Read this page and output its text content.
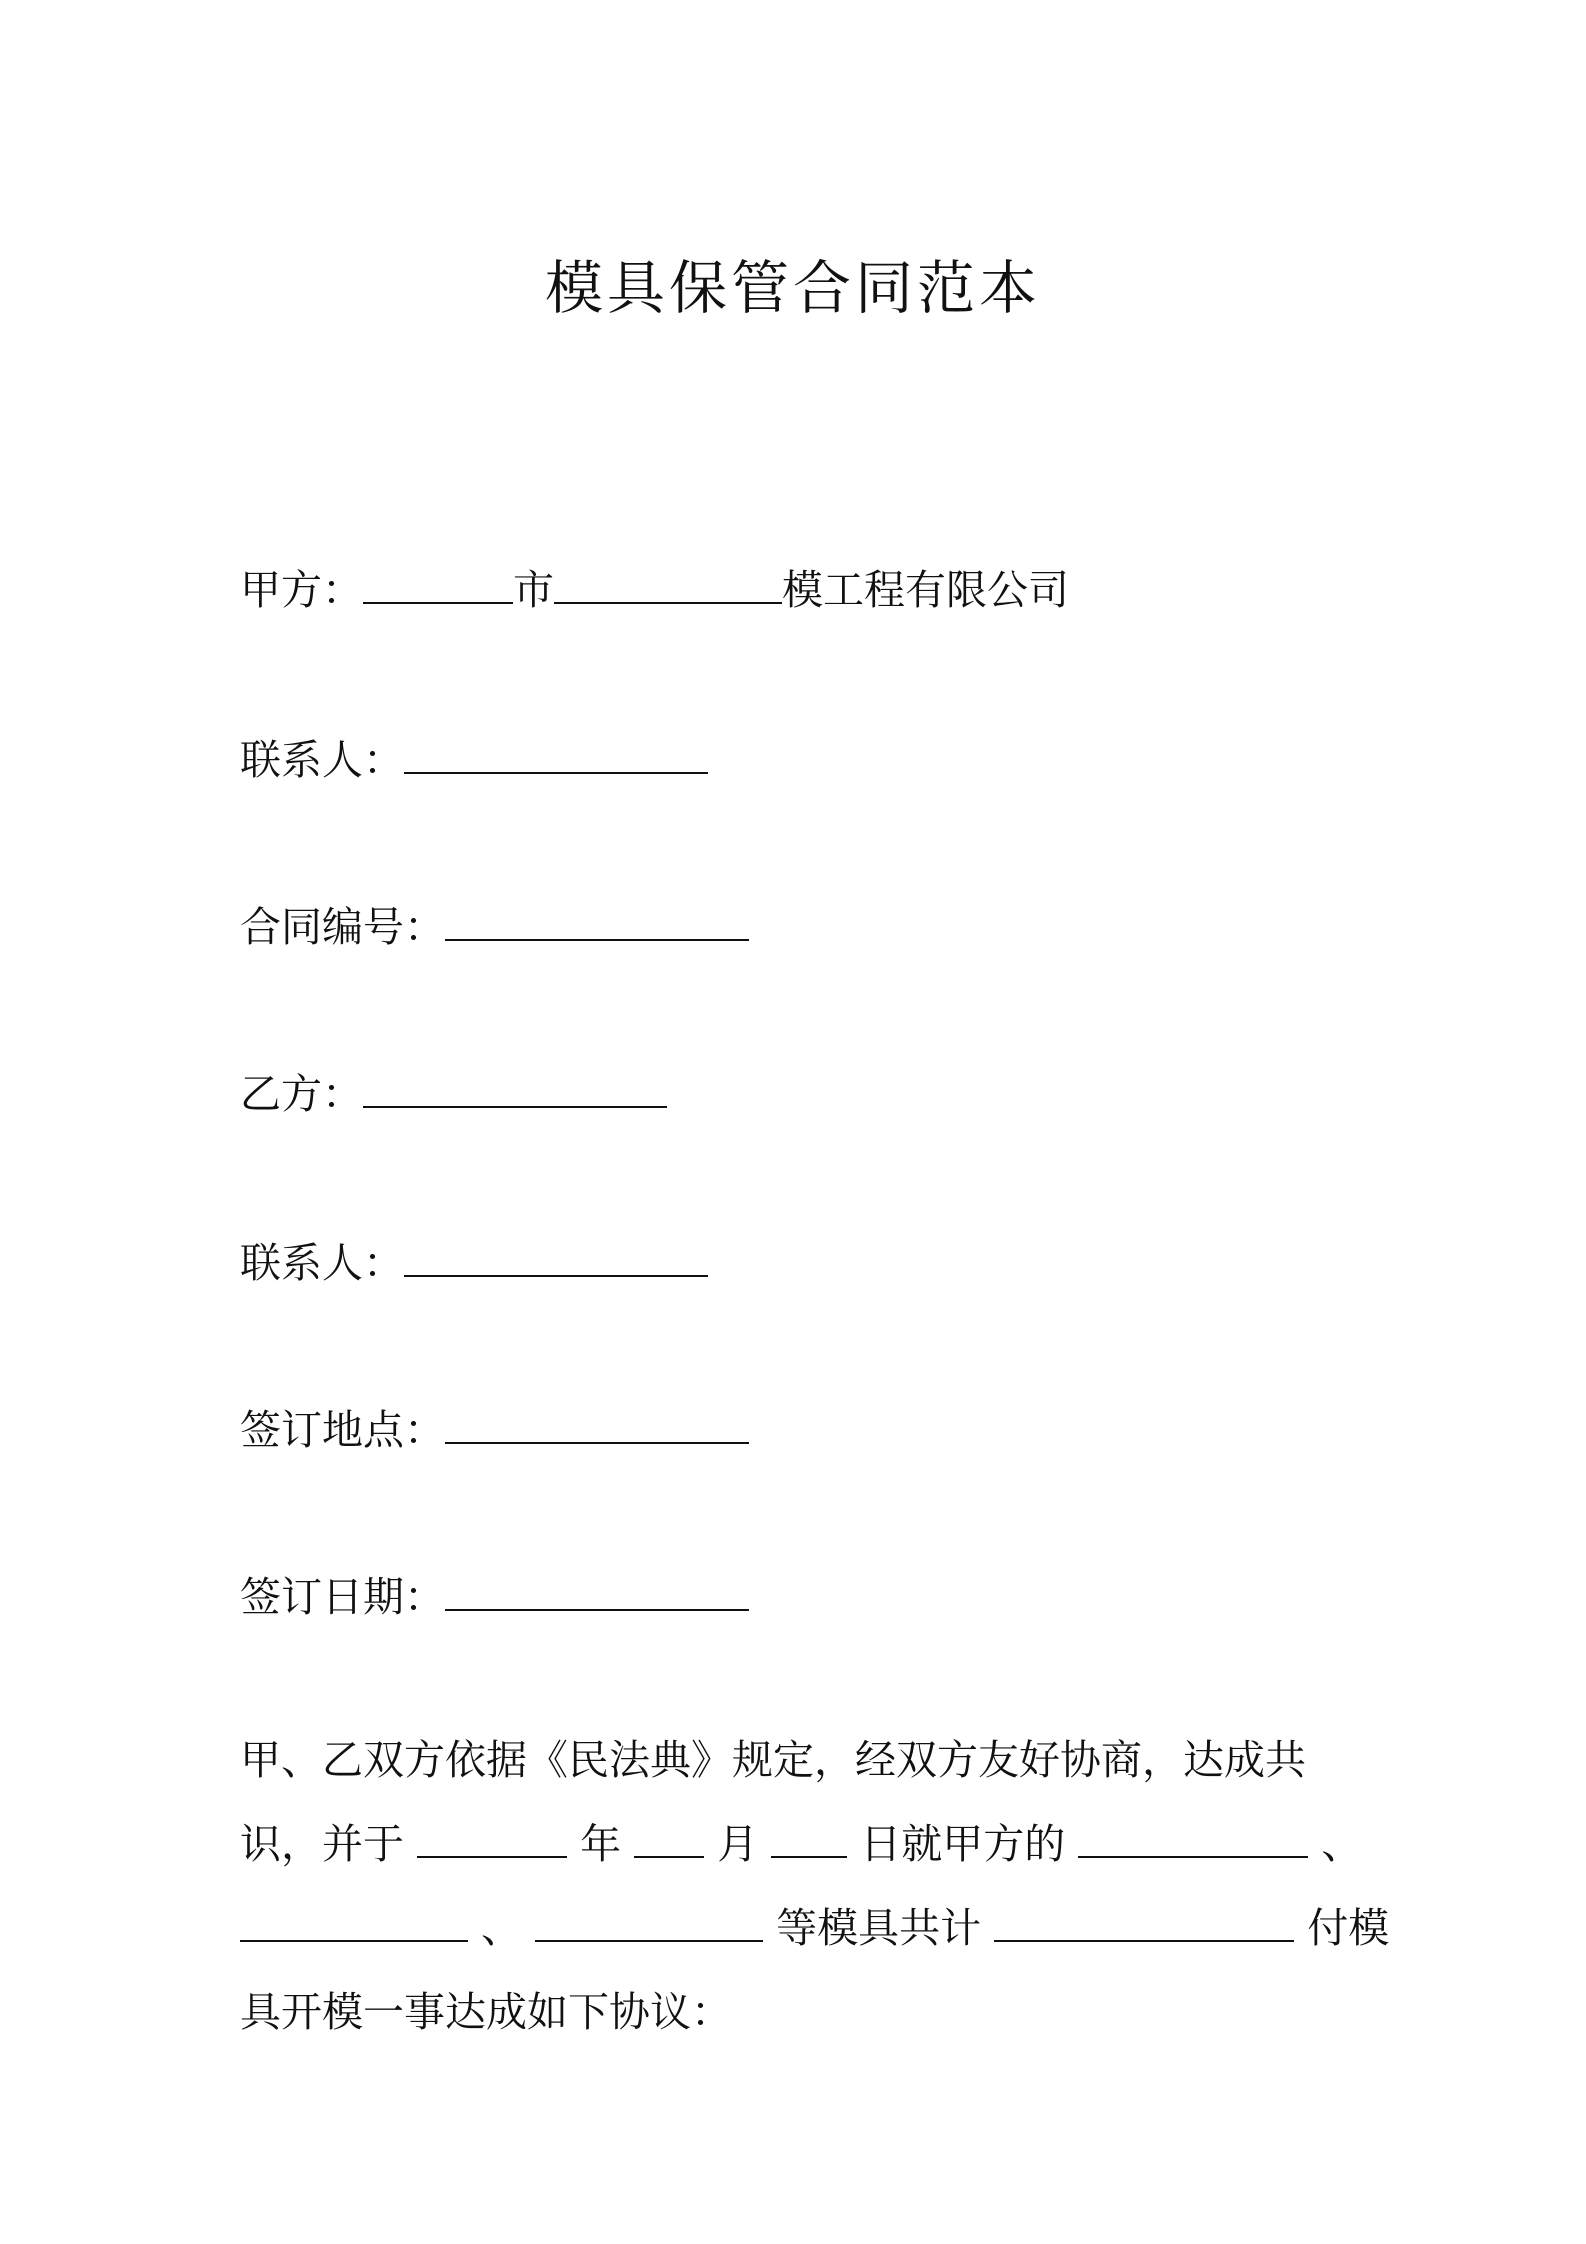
模具保管合同范本
甲方：	市	模工程有限公司
联系人：
合同编号：
乙方：
联系人：
签订地点：
签订日期：
甲、乙双方依据《民法典》规定，经双方友好协商，达成共
识，并于	年 月 日就甲方的	、
、	等模具共计	付模
具开模一事达成如下协议：
